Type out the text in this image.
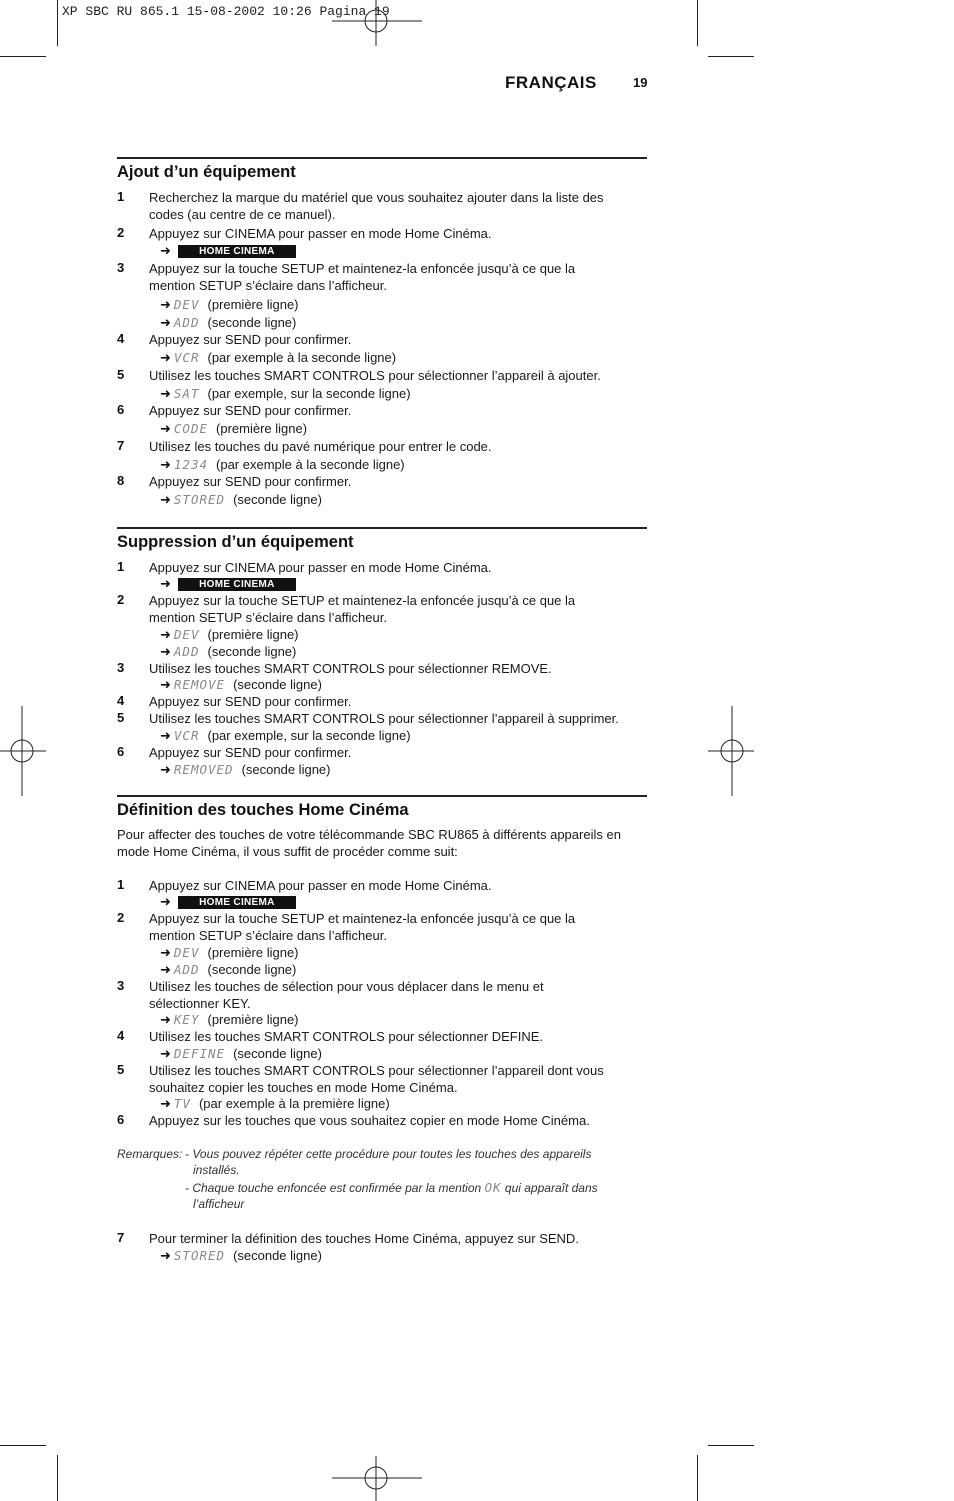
XP SBC RU 865.1 15-08-2002 10:26 Pagina 19
FRANÇAIS	19
Ajout d’un équipement
1 Recherchez la marque du matériel que vous souhaitez ajouter dans la liste des
codes (au centre de ce manuel).
2 Appuyez sur CINEMA pour passer en mode Home Cinéma.
➜	HOME CINEMA
3 Appuyez sur la touche SETUP et maintenez-la enfoncée jusqu’à ce que la
mention SETUP s’éclaire dans l’afficheur.
➜ DEV (première ligne)
➜ ADD (seconde ligne)
4 Appuyez sur SEND pour confirmer.
➜ VCR (par exemple à la seconde ligne)
5 Utilisez les touches SMART CONTROLS pour sélectionner l’appareil à ajouter.
➜ SAT (par exemple, sur la seconde ligne)
6 Appuyez sur SEND pour confirmer.
➜ CODE (première ligne)
7 Utilisez les touches du pavé numérique pour entrer le code.
➜ 1234 (par exemple à la seconde ligne)
8 Appuyez sur SEND pour confirmer.
➜ STORED (seconde ligne)
Suppression d’un équipement
1 Appuyez sur CINEMA pour passer en mode Home Cinéma.
➜	HOME CINEMA
2 Appuyez sur la touche SETUP et maintenez-la enfoncée jusqu’à ce que la
mention SETUP s’éclaire dans l’afficheur.
➜ DEV (première ligne)
➜ ADD (seconde ligne)
3 Utilisez les touches SMART CONTROLS pour sélectionner REMOVE.
➜ REMOVE (seconde ligne)
4 Appuyez sur SEND pour confirmer.
5 Utilisez les touches SMART CONTROLS pour sélectionner l’appareil à supprimer.
➜ VCR (par exemple, sur la seconde ligne)
6 Appuyez sur SEND pour confirmer.
➜ REMOVED (seconde ligne)
Définition des touches Home Cinéma
Pour affecter des touches de votre télécommande SBC RU865 à différents appareils en
mode Home Cinéma, il vous suffit de procéder comme suit:
1 Appuyez sur CINEMA pour passer en mode Home Cinéma.
➜	HOME CINEMA
2 Appuyez sur la touche SETUP et maintenez-la enfoncée jusqu’à ce que la
mention SETUP s’éclaire dans l’afficheur.
➜ DEV (première ligne)
➜ ADD (seconde ligne)
3 Utilisez les touches de sélection pour vous déplacer dans le menu et
sélectionner KEY.
➜ KEY (première ligne)
4 Utilisez les touches SMART CONTROLS pour sélectionner DEFINE.
➜ DEFINE (seconde ligne)
5 Utilisez les touches SMART CONTROLS pour sélectionner l’appareil dont vous
souhaitez copier les touches en mode Home Cinéma.
➜ TV (par exemple à la première ligne)
6 Appuyez sur les touches que vous souhaitez copier en mode Home Cinéma.
Remarques: - Vous pouvez répéter cette procédure pour toutes les touches des appareils
installés.
- Chaque touche enfoncée est confirmée par la mention OK qui apparaît dans
l’afficheur
7 Pour terminer la définition des touches Home Cinéma, appuyez sur SEND.
➜ STORED (seconde ligne)
